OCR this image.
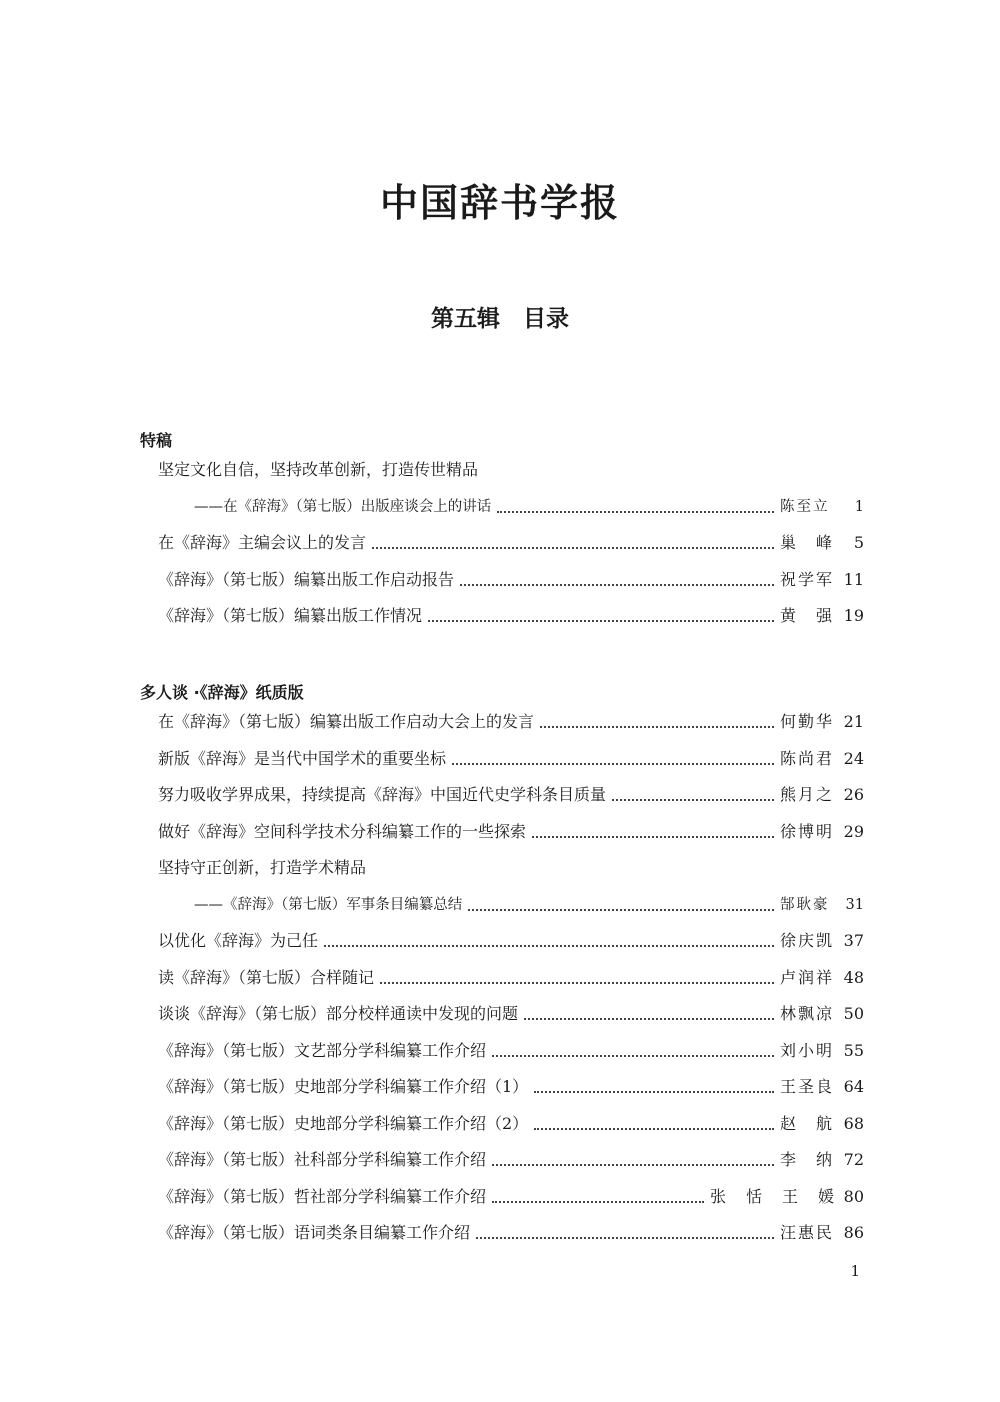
中国辞书学报
第五辑　目录
特稿
坚定文化自信，坚持改革创新，打造传世精品
——在《辞海》（第七版）出版座谈会上的讲话	陈至立	1
在《辞海》主编会议上的发言	巢　峰	5
《辞海》（第七版）编纂出版工作启动报告	祝学军 11
《辞海》（第七版）编纂出版工作情况	黄　强 19
多人谈 ·《辞海》纸质版
在《辞海》（第七版）编纂出版工作启动大会上的发言	何勤华 21
新版《辞海》是当代中国学术的重要坐标	陈尚君 24
努力吸收学界成果，持续提高《辞海》中国近代史学科条目质量	熊月之 26
做好《辞海》空间科学技术分科编纂工作的一些探索	徐博明 29
坚持守正创新，打造学术精品
——《辞海》（第七版）军事条目编纂总结	郜耿豪	31
以优化《辞海》为己任	徐庆凯 37
读《辞海》（第七版）合样随记	卢润祥 48
谈谈《辞海》（第七版）部分校样通读中发现的问题	林飘凉 50
《辞海》（第七版）文艺部分学科编纂工作介绍	刘小明 55
《辞海》（第七版）史地部分学科编纂工作介绍（1）	王圣良 64
《辞海》（第七版）史地部分学科编纂工作介绍（2）	赵　航 68
《辞海》（第七版）社科部分学科编纂工作介绍	李　纳 72
《辞海》（第七版）哲社部分学科编纂工作介绍	张　恬　王　媛 80
《辞海》（第七版）语词类条目编纂工作介绍	汪惠民 86
1
